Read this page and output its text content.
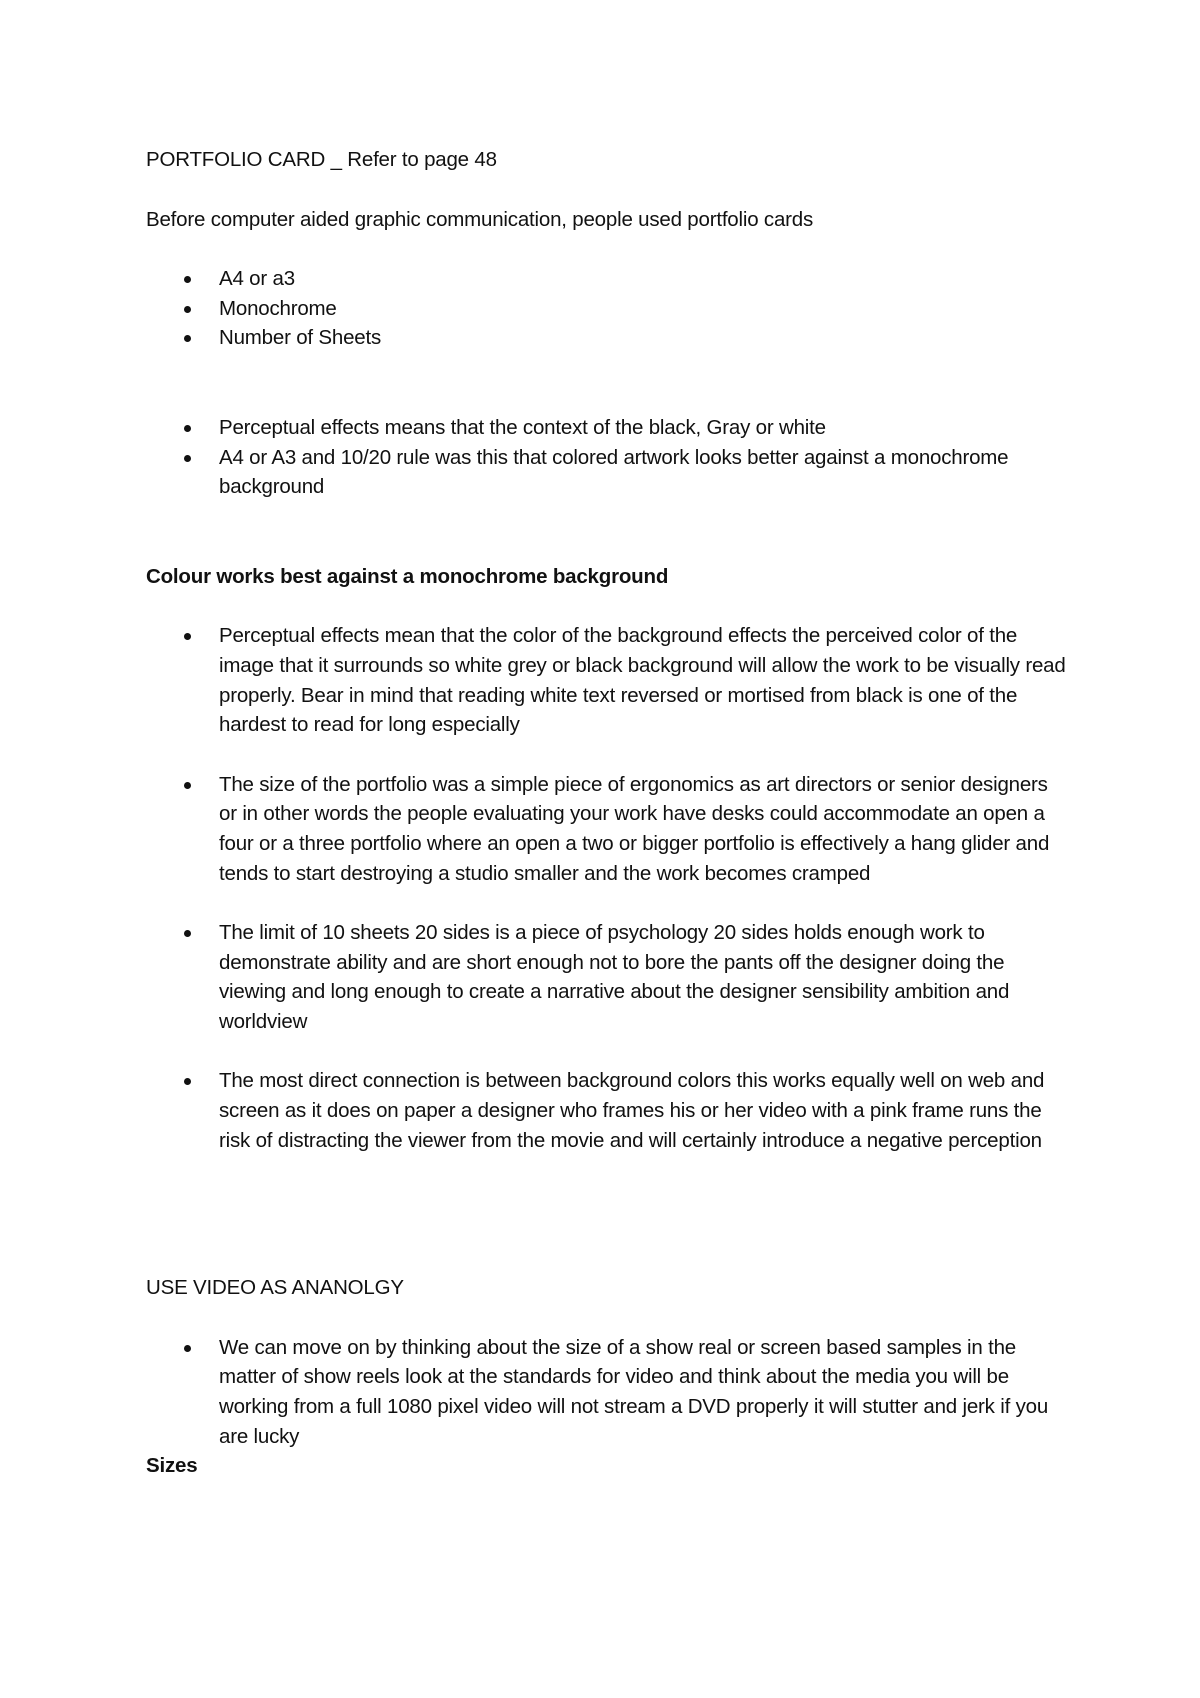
PORTFOLIO CARD _ Refer to page 48

Before computer aided graphic communication, people used portfolio cards

A4 or a3
Monochrome
Number of Sheets
Perceptual effects means that the context of the black, Gray or white
A4 or A3 and 10/20 rule was this that colored artwork looks better against a monochrome background

Colour works best against a monochrome background

Perceptual effects mean that the color of the background effects the perceived color of the image that it surrounds so white grey or black background will allow the work to be visually read properly. Bear in mind that reading white text reversed or mortised from black is one of the hardest to read for long especially
The size of the portfolio was a simple piece of ergonomics as art directors or senior designers or in other words the people evaluating your work have desks could accommodate an open a four or a three portfolio where an open a two or bigger portfolio is effectively a hang glider and tends to start destroying a studio smaller and the work becomes cramped
The limit of 10 sheets 20 sides is a piece of psychology 20 sides holds enough work to demonstrate ability and are short enough not to bore the pants off the designer doing the viewing and long enough to create a narrative about the designer sensibility ambition and worldview
The most direct connection is between background colors this works equally well on web and screen as it does on paper a designer who frames his or her video with a pink frame runs the risk of distracting the viewer from the movie and will certainly introduce a negative perception

USE VIDEO AS ANANOLGY

We can move on by thinking about the size of a show real or screen based samples in the matter of show reels look at the standards for video and think about the media you will be working from a full 1080 pixel video will not stream a DVD properly it will stutter and jerk if you are lucky

Sizes
